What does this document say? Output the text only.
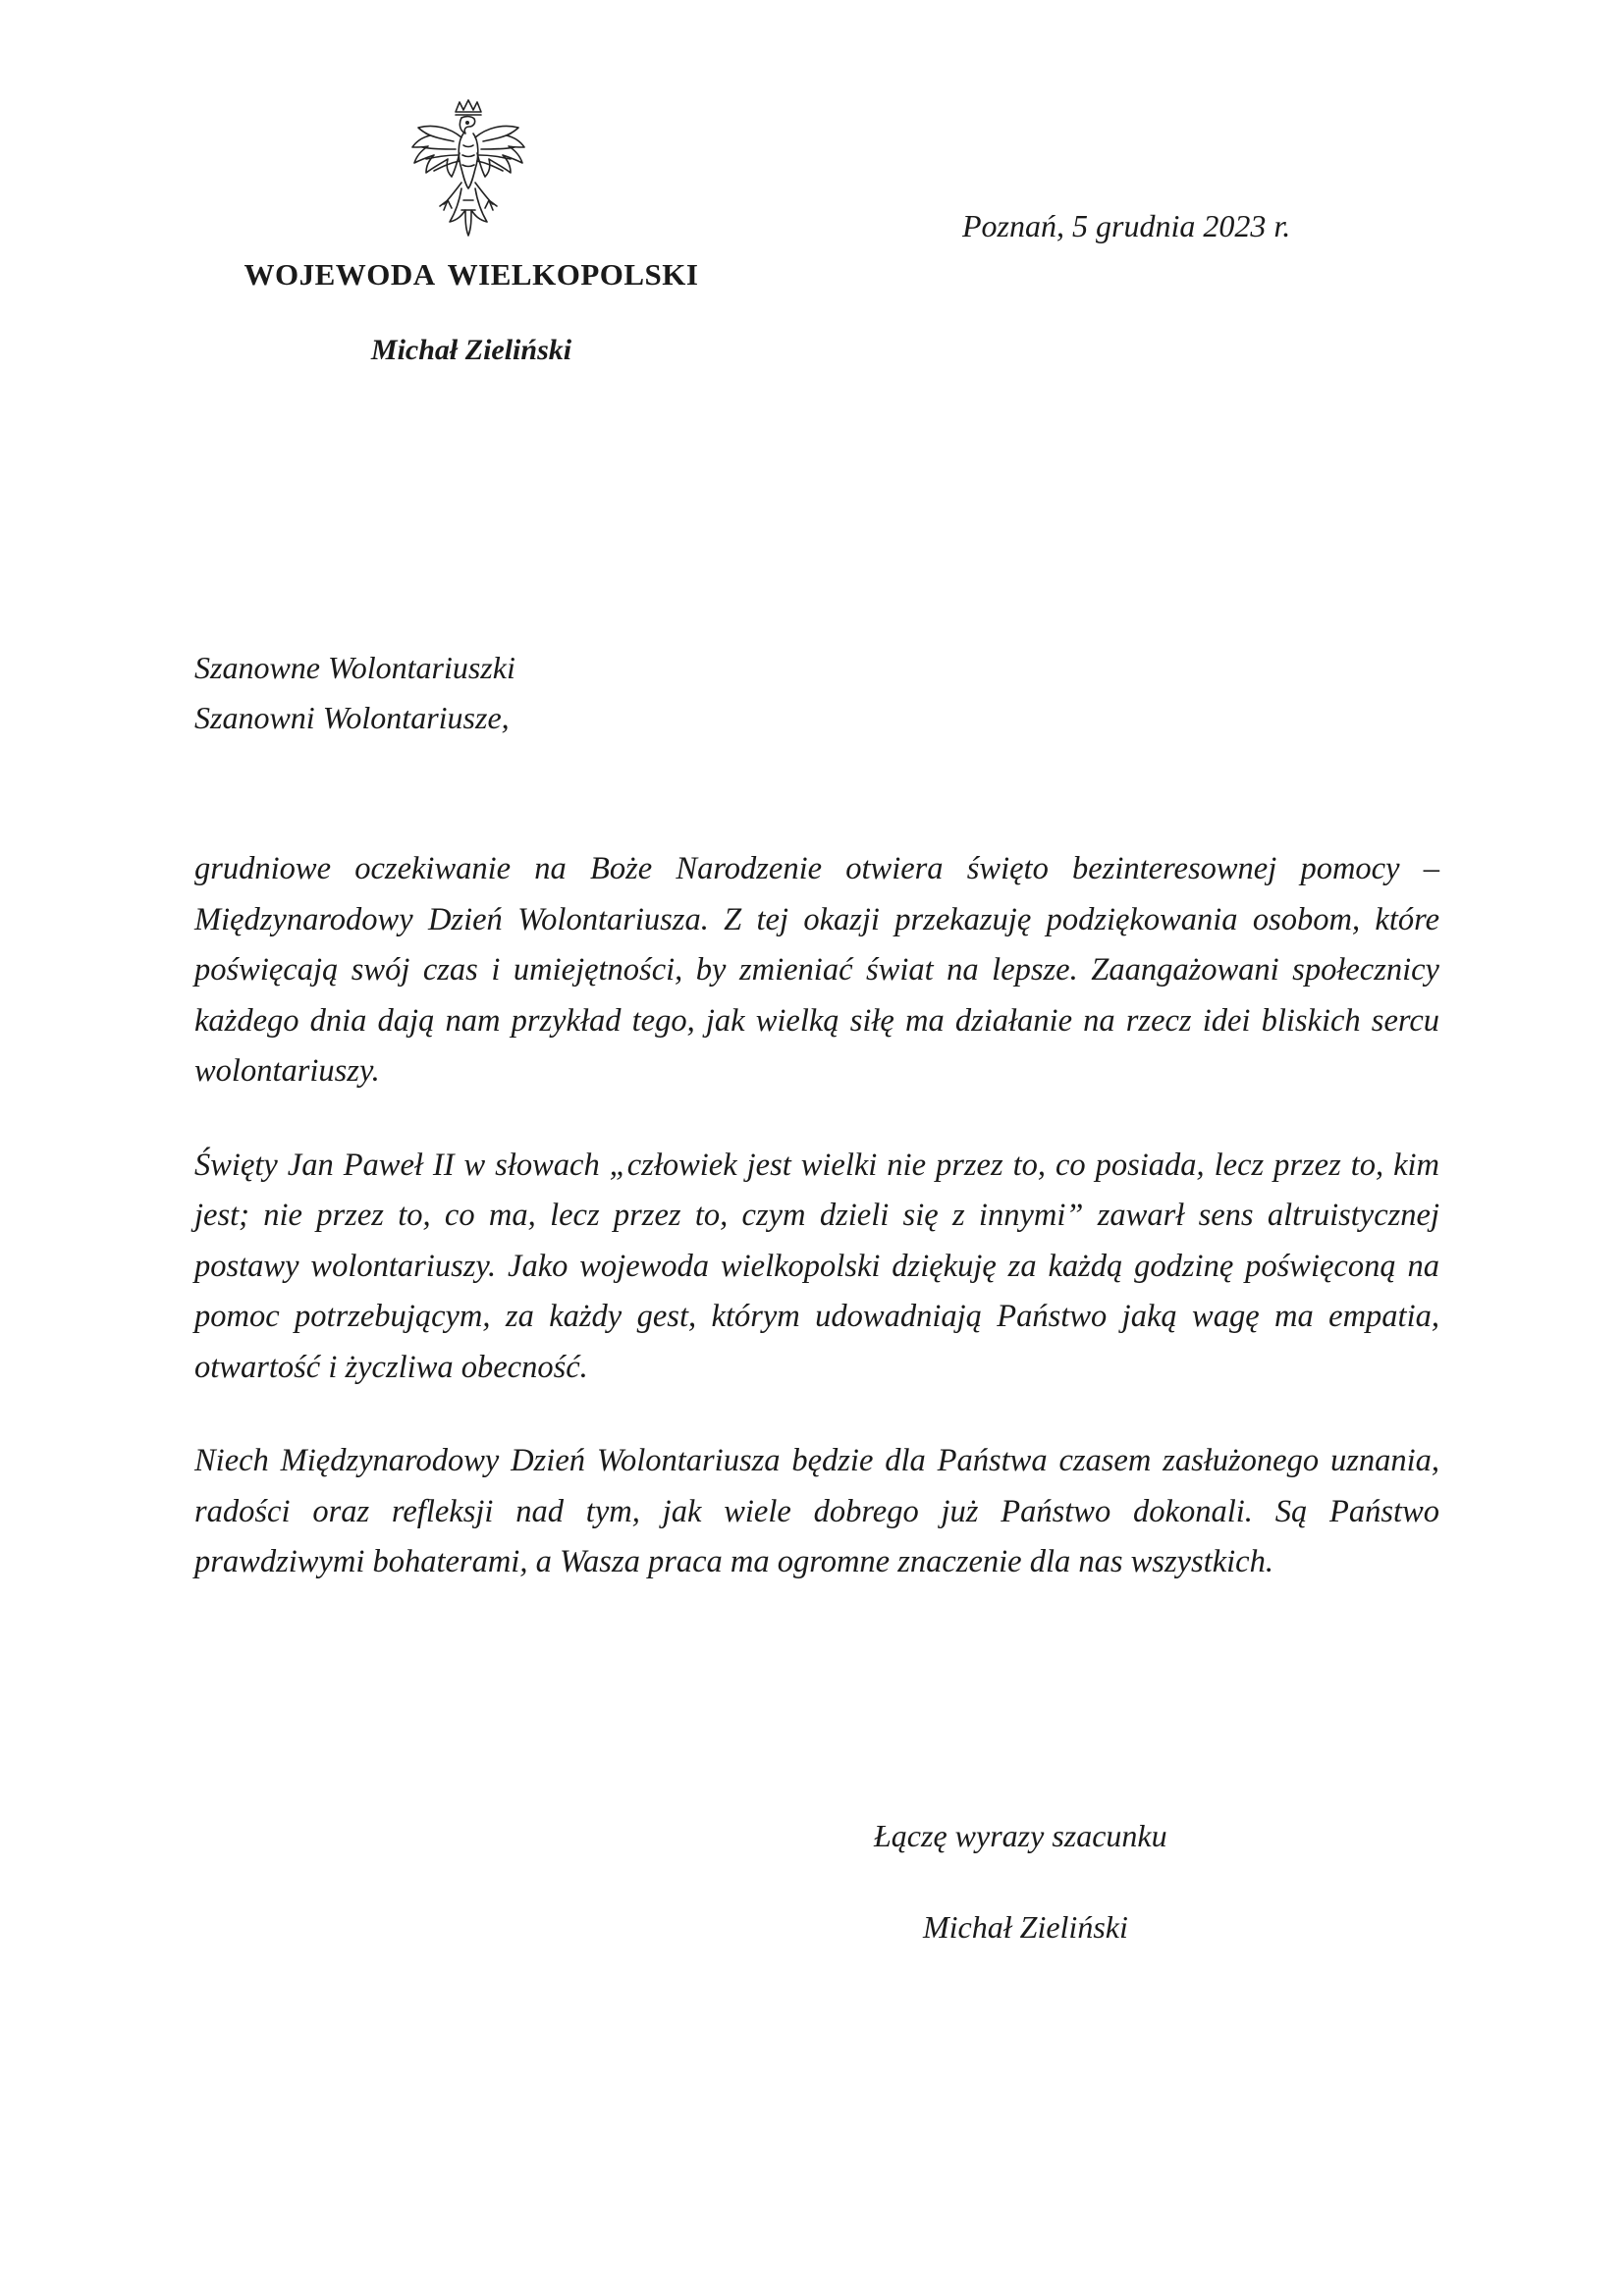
WOJEWODA WIELKOPOLSKI
Michał Zieliński
Poznań, 5 grudnia 2023 r.
Szanowne Wolontariuszki
Szanowni Wolontariusze,

grudniowe oczekiwanie na Boże Narodzenie otwiera święto bezinteresownej pomocy – Międzynarodowy Dzień Wolontariusza. Z tej okazji przekazuję podziękowania osobom, które poświęcają swój czas i umiejętności, by zmieniać świat na lepsze. Zaangażowani społecznicy każdego dnia dają nam przykład tego, jak wielką siłę ma działanie na rzecz idei bliskich sercu wolontariuszy.

Święty Jan Paweł II w słowach „człowiek jest wielki nie przez to, co posiada, lecz przez to, kim jest; nie przez to, co ma, lecz przez to, czym dzieli się z innymi” zawarł sens altruistycznej postawy wolontariuszy. Jako wojewoda wielkopolski dziękuję za każdą godzinę poświęconą na pomoc potrzebującym, za każdy gest, którym udowadniają Państwo jaką wagę ma empatia, otwartość i życzliwa obecność.

Niech Międzynarodowy Dzień Wolontariusza będzie dla Państwa czasem zasłużonego uznania, radości oraz refleksji nad tym, jak wiele dobrego już Państwo dokonali. Są Państwo prawdziwymi bohaterami, a Wasza praca ma ogromne znaczenie dla nas wszystkich.

Łączę wyrazy szacunku
Michał Zieliński
